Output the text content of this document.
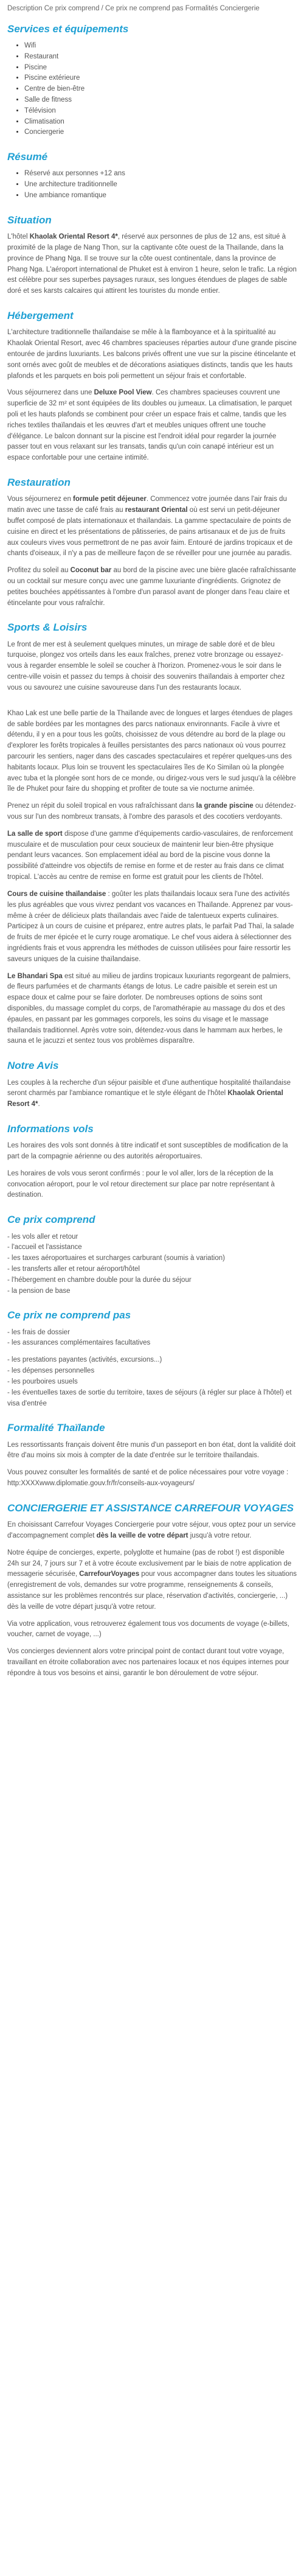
Description Ce prix comprend / Ce prix ne comprend pas Formalités Conciergerie
Services et équipements
• Wifi
• Restaurant
• Piscine
• Piscine extérieure
• Centre de bien-être
• Salle de fitness
• Télévision
• Climatisation
• Conciergerie
Résumé
• Réservé aux personnes +12 ans
• Une architecture traditionnelle
• Une ambiance romantique
Situation

L'hôtel Khaolak Oriental Resort 4*, réservé aux personnes de plus de 12 ans, est situé à proximité de la plage de Nang Thon, sur la captivante côte ouest de la Thaïlande, dans la province de Phang Nga. Il se trouve sur la côte ouest continentale, dans la province de Phang Nga. L'aéroport international de Phuket est à environ 1 heure, selon le trafic. La région est célèbre pour ses superbes paysages ruraux, ses longues étendues de plages de sable doré et ses karsts calcaires qui attirent les touristes du monde entier.

Hébergement

L'architecture traditionnelle thaïlandaise se mêle à la flamboyance et à la spiritualité au Khaolak Oriental Resort, avec 46 chambres spacieuses réparties autour d'une grande piscine entourée de jardins luxuriants. Les balcons privés offrent une vue sur la piscine étincelante et sont ornés avec goût de meubles et de décorations asiatiques distincts, tandis que les hauts plafonds et les parquets en bois poli permettent un séjour frais et confortable.

Vous séjournerez dans une Deluxe Pool View. Ces chambres spacieuses couvrent une superficie de 32 m² et sont équipées de lits doubles ou jumeaux. La climatisation, le parquet poli et les hauts plafonds se combinent pour créer un espace frais et calme, tandis que les riches textiles thaïlandais et les œuvres d'art et meubles uniques offrent une touche d'élégance. Le balcon donnant sur la piscine est l'endroit idéal pour regarder la journée passer tout en vous relaxant sur les transats, tandis qu'un coin canapé intérieur est un espace confortable pour une certaine intimité.

Restauration

Vous séjournerez en formule petit déjeuner. Commencez votre journée dans l'air frais du matin avec une tasse de café frais au restaurant Oriental où est servi un petit-déjeuner buffet composé de plats internationaux et thaïlandais. La gamme spectaculaire de points de cuisine en direct et les présentations de pâtisseries, de pains artisanaux et de jus de fruits aux couleurs vives vous permettront de ne pas avoir faim. Entouré de jardins tropicaux et de chants d'oiseaux, il n'y a pas de meilleure façon de se réveiller pour une journée au paradis.

Profitez du soleil au Coconut bar au bord de la piscine avec une bière glacée rafraîchissante ou un cocktail sur mesure conçu avec une gamme luxuriante d'ingrédients. Grignotez de petites bouchées appétissantes à l'ombre d'un parasol avant de plonger dans l'eau claire et étincelante pour vous rafraîchir.

Sports & Loisirs

Le front de mer est à seulement quelques minutes, un mirage de sable doré et de bleu turquoise, plongez vos orteils dans les eaux fraîches, prenez votre bronzage ou essayez-vous à regarder ensemble le soleil se coucher à l'horizon. Promenez-vous le soir dans le centre-ville voisin et passez du temps à choisir des souvenirs thaïlandais à emporter chez vous ou savourez une cuisine savoureuse dans l'un des restaurants locaux.

Khao Lak est une belle partie de la Thaïlande avec de longues et larges étendues de plages de sable bordées par les montagnes des parcs nationaux environnants. Facile à vivre et détendu, il y en a pour tous les goûts, choisissez de vous détendre au bord de la plage ou d'explorer les forêts tropicales à feuilles persistantes des parcs nationaux où vous pourrez parcourir les sentiers, nager dans des cascades spectaculaires et repérer quelques-uns des habitants locaux. Plus loin se trouvent les spectaculaires îles de Ko Similan où la plongée avec tuba et la plongée sont hors de ce monde, ou dirigez-vous vers le sud jusqu'à la célèbre île de Phuket pour faire du shopping et profiter de toute sa vie nocturne animée.

Prenez un répit du soleil tropical en vous rafraîchissant dans la grande piscine ou détendez-vous sur l'un des nombreux transats, à l'ombre des parasols et des cocotiers verdoyants.

La salle de sport dispose d'une gamme d'équipements cardio-vasculaires, de renforcement musculaire et de musculation pour ceux soucieux de maintenir leur bien-être physique pendant leurs vacances. Son emplacement idéal au bord de la piscine vous donne la possibilité d'atteindre vos objectifs de remise en forme et de rester au frais dans ce climat tropical. L'accès au centre de remise en forme est gratuit pour les clients de l'hôtel.

Cours de cuisine thaïlandaise : goûter les plats thaïlandais locaux sera l'une des activités les plus agréables que vous vivrez pendant vos vacances en Thaïlande. Apprenez par vous-même à créer de délicieux plats thaïlandais avec l'aide de talentueux experts culinaires. Participez à un cours de cuisine et préparez, entre autres plats, le parfait Pad Thaï, la salade de fruits de mer épicée et le curry rouge aromatique. Le chef vous aidera à sélectionner des ingrédients frais et vous apprendra les méthodes de cuisson utilisées pour faire ressortir les saveurs uniques de la cuisine thaïlandaise.

Le Bhandari Spa est situé au milieu de jardins tropicaux luxuriants regorgeant de palmiers, de fleurs parfumées et de charmants étangs de lotus. Le cadre paisible et serein est un espace doux et calme pour se faire dorloter. De nombreuses options de soins sont disponibles, du massage complet du corps, de l'aromathérapie au massage du dos et des épaules, en passant par les gommages corporels, les soins du visage et le massage thaïlandais traditionnel. Après votre soin, détendez-vous dans le hammam aux herbes, le sauna et le jacuzzi et sentez tous vos problèmes disparaître.

Notre Avis

Les couples à la recherche d'un séjour paisible et d'une authentique hospitalité thaïlandaise seront charmés par l'ambiance romantique et le style élégant de l'hôtel Khaolak Oriental Resort 4*.

Informations vols

Les horaires des vols sont donnés à titre indicatif et sont susceptibles de modification de la part de la compagnie aérienne ou des autorités aéroportuaires.

Les horaires de vols vous seront confirmés : pour le vol aller, lors de la réception de la convocation aéroport, pour le vol retour directement sur place par notre représentant à destination.

Ce prix comprend
- les vols aller et retour
- l'accueil et l'assistance
- les taxes aéroportuaires et surcharges carburant (soumis à variation)
- les transferts aller et retour aéroport/hôtel
- l'hébergement en chambre double pour la durée du séjour
- la pension de base
Ce prix ne comprend pas
- les frais de dossier
- les assurances complémentaires facultatives
- les prestations payantes (activités, excursions...)
- les dépenses personnelles
- les pourboires usuels
- les éventuelles taxes de sortie du territoire, taxes de séjours (à régler sur place à l'hôtel) et visa d'entrée
Formalité Thaïlande

Les ressortissants français doivent être munis d'un passeport en bon état, dont la validité doit être d'au moins six mois à compter de la date d'entrée sur le territoire thaïlandais.

Vous pouvez consulter les formalités de santé et de police nécessaires pour votre voyage : http:XXXXwww.diplomatie.gouv.fr/fr/conseils-aux-voyageurs/

CONCIERGERIE ET ASSISTANCE CARREFOUR VOYAGES

En choisissant Carrefour Voyages Conciergerie pour votre séjour, vous optez pour un service d'accompagnement complet dès la veille de votre départ jusqu'à votre retour.

Notre équipe de concierges, experte, polyglotte et humaine (pas de robot !) est disponible 24h sur 24, 7 jours sur 7 et à votre écoute exclusivement par le biais de notre application de messagerie sécurisée, CarrefourVoyages pour vous accompagner dans toutes les situations (enregistrement de vols, demandes sur votre programme, renseignements & conseils, assistance sur les problèmes rencontrés sur place, réservation d'activités, conciergerie, ...) dès la veille de votre départ jusqu'à votre retour.

Via votre application, vous retrouverez également tous vos documents de voyage (e-billets, voucher, carnet de voyage, ...)

Vos concierges deviennent alors votre principal point de contact durant tout votre voyage, travaillant en étroite collaboration avec nos partenaires locaux et nos équipes internes pour répondre à tous vos besoins et ainsi, garantir le bon déroulement de votre séjour.
